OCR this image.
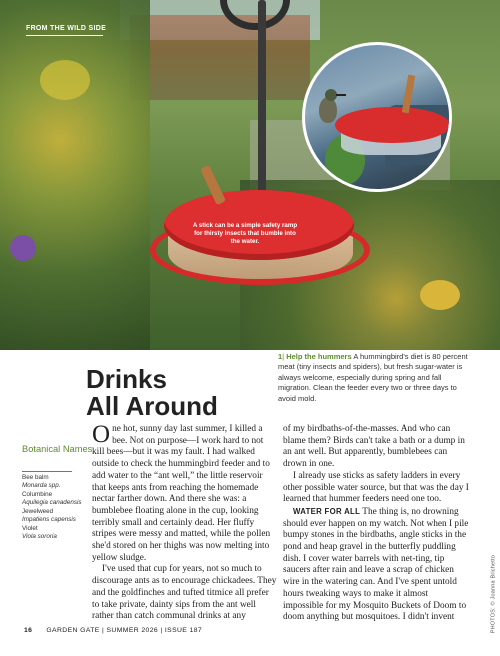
A stick can be a simple safety ramp for thirsty insects that bumble into the water.
FROM THE WILD SIDE
PHOTOS: © Joanna Brichetto
1| Help the hummers A hummingbird's diet is 80 percent meat (tiny insects and spiders), but fresh sugar-water is always welcome, especially during spring and fall migration. Clean the feeder every two or three days to avoid mold.
Drinks
All Around
Botanical Names
Bee balm
Monarda spp.
Columbine
Aquilegia canadensis
Jewelweed
Impatiens capensis
Violet
Viola sororia

One hot, sunny day last summer, I killed a bee. Not on purpose—I work hard to not kill bees—but it was my fault. I had walked outside to check the hummingbird feeder and to add water to the “ant well,” the little reservoir that keeps ants from reaching the homemade nectar farther down. And there she was: a bumblebee floating alone in the cup, looking terribly small and certainly dead. Her fluffy stripes were messy and matted, while the pollen she'd stored on her thighs was now melting into yellow sludge.

I've used that cup for years, not so much to discourage ants as to encourage chickadees. They and the goldfinches and tufted titmice all prefer to take private, dainty sips from the ant well rather than catch communal drinks at any

of my birdbaths-of-the-masses. And who can blame them? Birds can't take a bath or a dump in an ant well. But apparently, bumblebees can drown in one.

I already use sticks as safety ladders in every other possible water source, but that was the day I learned that hummer feeders need one too.

WATER FOR ALL The thing is, no drowning should ever happen on my watch. Not when I pile bumpy stones in the birdbaths, angle sticks in the pond and heap gravel in the butterfly puddling dish. I cover water barrels with net-ting, tip saucers after rain and leave a scrap of chicken wire in the watering can. And I've spent untold hours tweaking ways to make it almost impossible for my Mosquito Buckets of Doom to doom anything but mosquitoes. I didn't invent

16 GARDEN GATE | SUMMER 2026 | ISSUE 187
